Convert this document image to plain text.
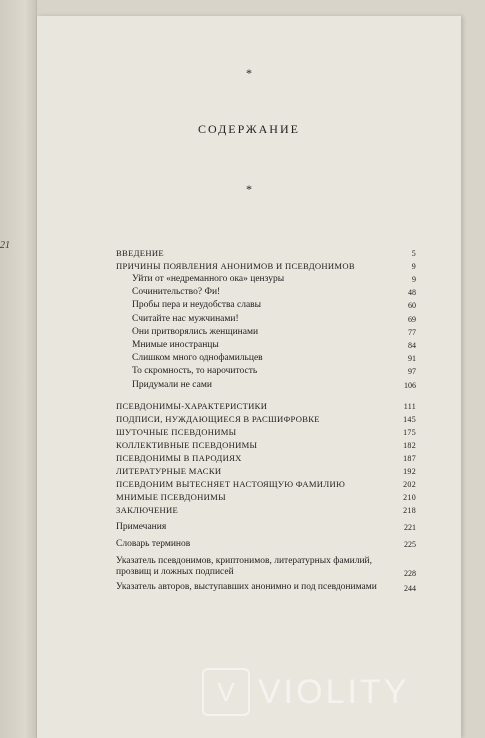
21
*
СОДЕРЖАНИЕ
*
ВВЕДЕНИЕ	5
ПРИЧИНЫ ПОЯВЛЕНИЯ АНОНИМОВ И ПСЕВДОНИМОВ	9
Уйти от «недреманного ока» цензуры	9
Сочинительство? Фи!	48
Пробы пера и неудобства славы	60
Считайте нас мужчинами!	69
Они притворялись женщинами	77
Мнимые иностранцы	84
Слишком много однофамильцев	91
То скромность, то нарочитость	97
Придумали не сами	106
ПСЕВДОНИМЫ-ХАРАКТЕРИСТИКИ	111
ПОДПИСИ, НУЖДАЮЩИЕСЯ В РАСШИФРОВКЕ	145
ШУТОЧНЫЕ ПСЕВДОНИМЫ	175
КОЛЛЕКТИВНЫЕ ПСЕВДОНИМЫ	182
ПСЕВДОНИМЫ В ПАРОДИЯХ	187
ЛИТЕРАТУРНЫЕ МАСКИ	192
ПСЕВДОНИМ ВЫТЕСНЯЕТ НАСТОЯЩУЮ ФАМИЛИЮ	202
МНИМЫЕ ПСЕВДОНИМЫ	210
ЗАКЛЮЧЕНИЕ	218
Примечания	221
Словарь терминов	225
Указатель псевдонимов, криптонимов, литературных фамилий, прозвищ и ложных подписей	228
Указатель авторов, выступавших анонимно и под псевдонимами	244
V VIOLITY
